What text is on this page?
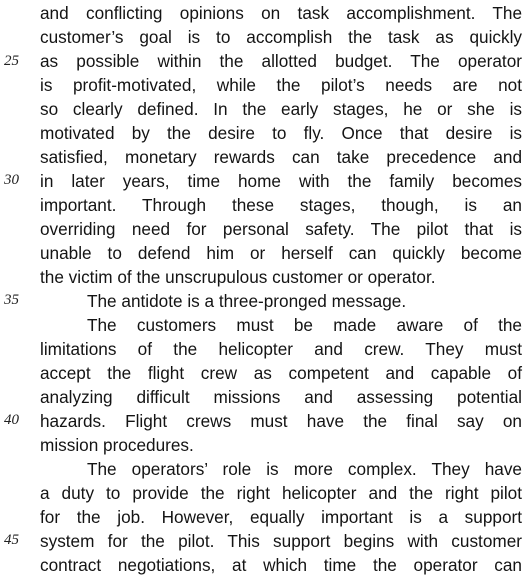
25
30
35
40
45
and conflicting opinions on task accomplishment. The
customer’s goal is to accomplish the task as quickly
as possible within the allotted budget. The operator
is profit-motivated, while the pilot’s needs are not
so clearly defined. In the early stages, he or she is
motivated by the desire to fly. Once that desire is
satisfied, monetary rewards can take precedence and
in later years, time home with the family becomes
important. Through these stages, though, is an
overriding need for personal safety. The pilot that is
unable to defend him or herself can quickly become
the victim of the unscrupulous customer or operator.
The antidote is a three-pronged message.
The customers must be made aware of the
limitations of the helicopter and crew. They must
accept the flight crew as competent and capable of
analyzing difficult missions and assessing potential
hazards. Flight crews must have the final say on
mission procedures.
The operators’ role is more complex. They have
a duty to provide the right helicopter and the right pilot
for the job. However, equally important is a support
system for the pilot. This support begins with customer
contract negotiations, at which time the operator can
